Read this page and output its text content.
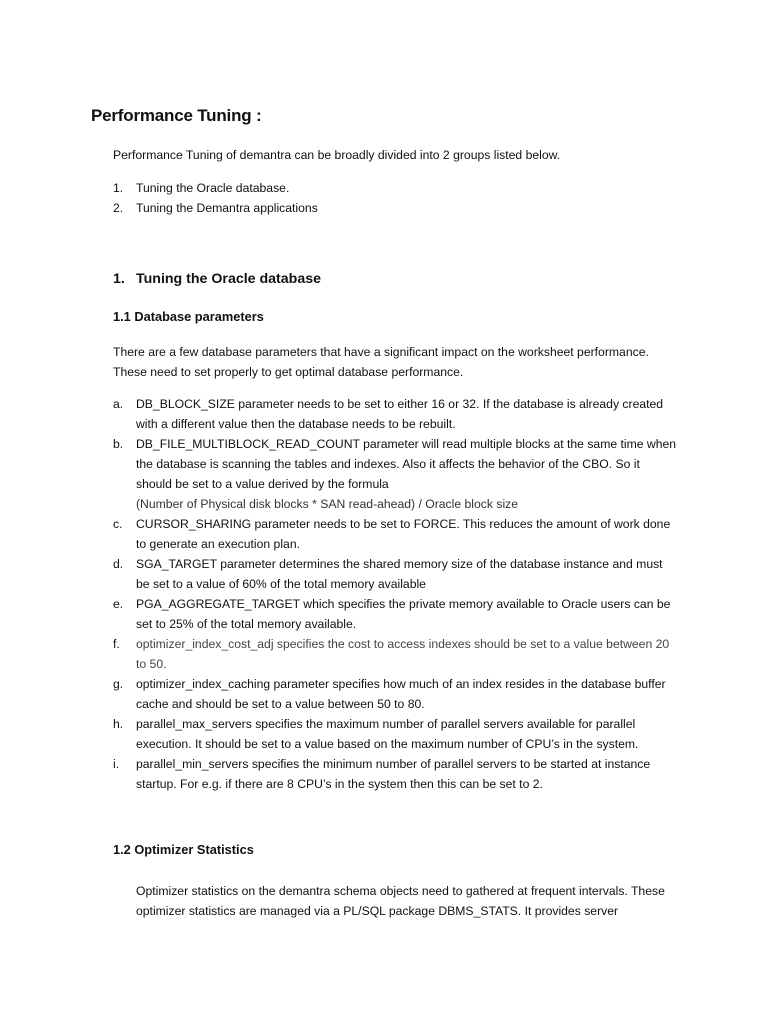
Performance Tuning :

Performance Tuning of demantra can be broadly divided into 2 groups listed below.

1.	Tuning the Oracle database.
2.	Tuning the Demantra applications
1. Tuning the Oracle database
1.1 Database parameters

There are a few database parameters that have a significant impact on the worksheet performance. These need to set properly to get optimal database performance.

a.	DB_BLOCK_SIZE parameter needs to be set to either 16 or 32. If the database is already created with a different value then the database needs to be rebuilt.
b.	DB_FILE_MULTIBLOCK_READ_COUNT parameter will read multiple blocks at the same time when the database is scanning the tables and indexes. Also it affects the behavior of the CBO. So it should be set to a value derived by the formula
(Number of Physical disk blocks * SAN read-ahead) / Oracle block size
c.	CURSOR_SHARING parameter needs to be set to FORCE. This reduces the amount of work done to generate an execution plan.
d.	SGA_TARGET parameter determines the shared memory size of the database instance and must be set to a value of 60% of the total memory available
e.	PGA_AGGREGATE_TARGET which specifies the private memory available to Oracle users can be set to 25% of the total memory available.
f.	optimizer_index_cost_adj specifies the cost to access indexes should be set to a value between 20 to 50.
g.	optimizer_index_caching parameter specifies how much of an index resides in the database buffer cache and should be set to a value between 50 to 80.
h.	parallel_max_servers specifies the maximum number of parallel servers available for parallel execution. It should be set to a value based on the maximum number of CPU’s in the system.
i.	parallel_min_servers specifies the minimum number of parallel servers to be started at instance startup. For e.g. if there are 8 CPU’s in the system then this can be set to 2.
1.2 Optimizer Statistics

Optimizer statistics on the demantra schema objects need to gathered at frequent intervals. These optimizer statistics are managed via a PL/SQL package DBMS_STATS. It provides server
